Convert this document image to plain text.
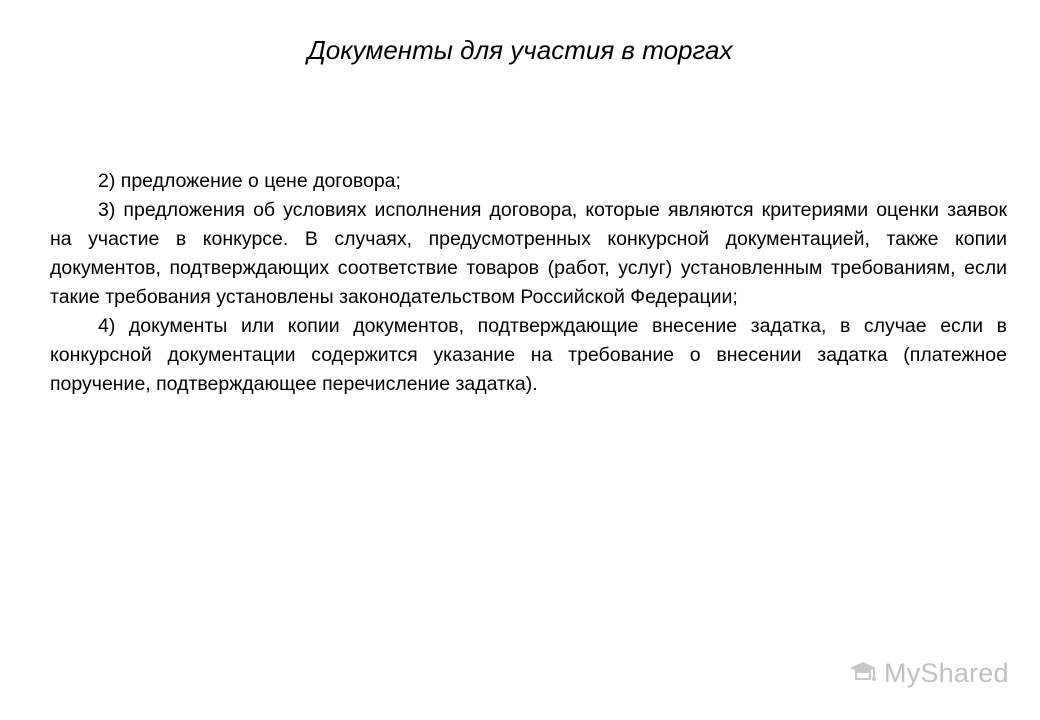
Документы для участия в торгах

2) предложение о цене договора;

3) предложения об условиях исполнения договора, которые являются критериями оценки заявок на участие в конкурсе. В случаях, предусмотренных конкурсной документацией, также копии документов, подтверждающих соответствие товаров (работ, услуг) установленным требованиям, если такие требования установлены законодательством Российской Федерации;

4) документы или копии документов, подтверждающие внесение задатка, в случае если в конкурсной документации содержится указание на требование о внесении задатка (платежное поручение, подтверждающее перечисление задатка).

MyShared
